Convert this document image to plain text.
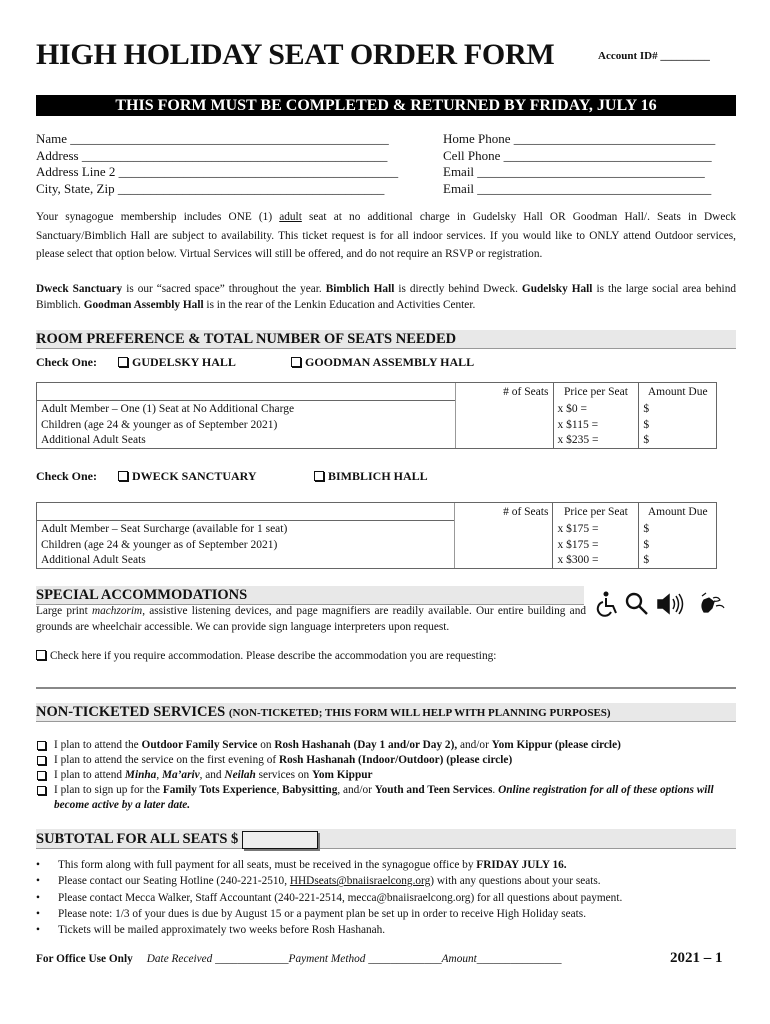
HIGH HOLIDAY SEAT ORDER FORM	Account ID# _________
THIS FORM MUST BE COMPLETED & RETURNED BY FRIDAY, JULY 16
Name _________________________________________________
Address _______________________________________________
Address Line 2 ___________________________________________
City, State, Zip _________________________________________
Home Phone _______________________________
Cell Phone ________________________________
Email ___________________________________
Email ____________________________________
Your synagogue membership includes ONE (1) adult seat at no additional charge in Gudelsky Hall OR Goodman Hall/. Seats in Dweck Sanctuary/Bimblich Hall are subject to availability. This ticket request is for all indoor services. If you would like to ONLY attend Outdoor services, please select that option below. Virtual Services will still be offered, and do not require an RSVP or registration.
Dweck Sanctuary is our “sacred space” throughout the year. Bimblich Hall is directly behind Dweck. Gudelsky Hall is the large social area behind Bimblich. Goodman Assembly Hall is in the rear of the Lenkin Education and Activities Center.
ROOM PREFERENCE & TOTAL NUMBER OF SEATS NEEDED
Check One:	GUDELSKY HALL	GOODMAN ASSEMBLY HALL
	# of Seats	Price per Seat	Amount Due
Adult Member – One (1) Seat at No Additional Charge		x $0 =	$
Children (age 24 & younger as of September 2021)		x $115 =	$
Additional Adult Seats		x $235 =	$
Check One:	DWECK SANCTUARY	BIMBLICH HALL
	# of Seats	Price per Seat	Amount Due
Adult Member – Seat Surcharge (available for 1 seat)		x $175 =	$
Children (age 24 & younger as of September 2021)		x $175 =	$
Additional Adult Seats		x $300 =	$
SPECIAL ACCOMMODATIONS
Large print machzorim, assistive listening devices, and page magnifiers are readily available. Our entire building and grounds are wheelchair accessible. We can provide sign language interpreters upon request.
Check here if you require accommodation. Please describe the accommodation you are requesting:
NON-TICKETED SERVICES (NON-TICKETED; THIS FORM WILL HELP WITH PLANNING PURPOSES)
I plan to attend the Outdoor Family Service on Rosh Hashanah (Day 1 and/or Day 2), and/or Yom Kippur (please circle)
I plan to attend the service on the first evening of Rosh Hashanah (Indoor/Outdoor) (please circle)
I plan to attend Minha, Ma’ariv, and Neilah services on Yom Kippur
I plan to sign up for the Family Tots Experience, Babysitting, and/or Youth and Teen Services. Online registration for all of these options will become active by a later date.
SUBTOTAL FOR ALL SEATS $
• This form along with full payment for all seats, must be received in the synagogue office by FRIDAY JULY 16.
• Please contact our Seating Hotline (240-221-2510, HHDseats@bnaiisraelcong.org) with any questions about your seats.
• Please contact Mecca Walker, Staff Accountant (240-221-2514, mecca@bnaiisraelcong.org) for all questions about payment.
• Please note: 1/3 of your dues is due by August 15 or a payment plan be set up in order to receive High Holiday seats.
• Tickets will be mailed approximately two weeks before Rosh Hashanah.
For Office Use Only Date Received _____________Payment Method _____________Amount_______________	2021 – 1
